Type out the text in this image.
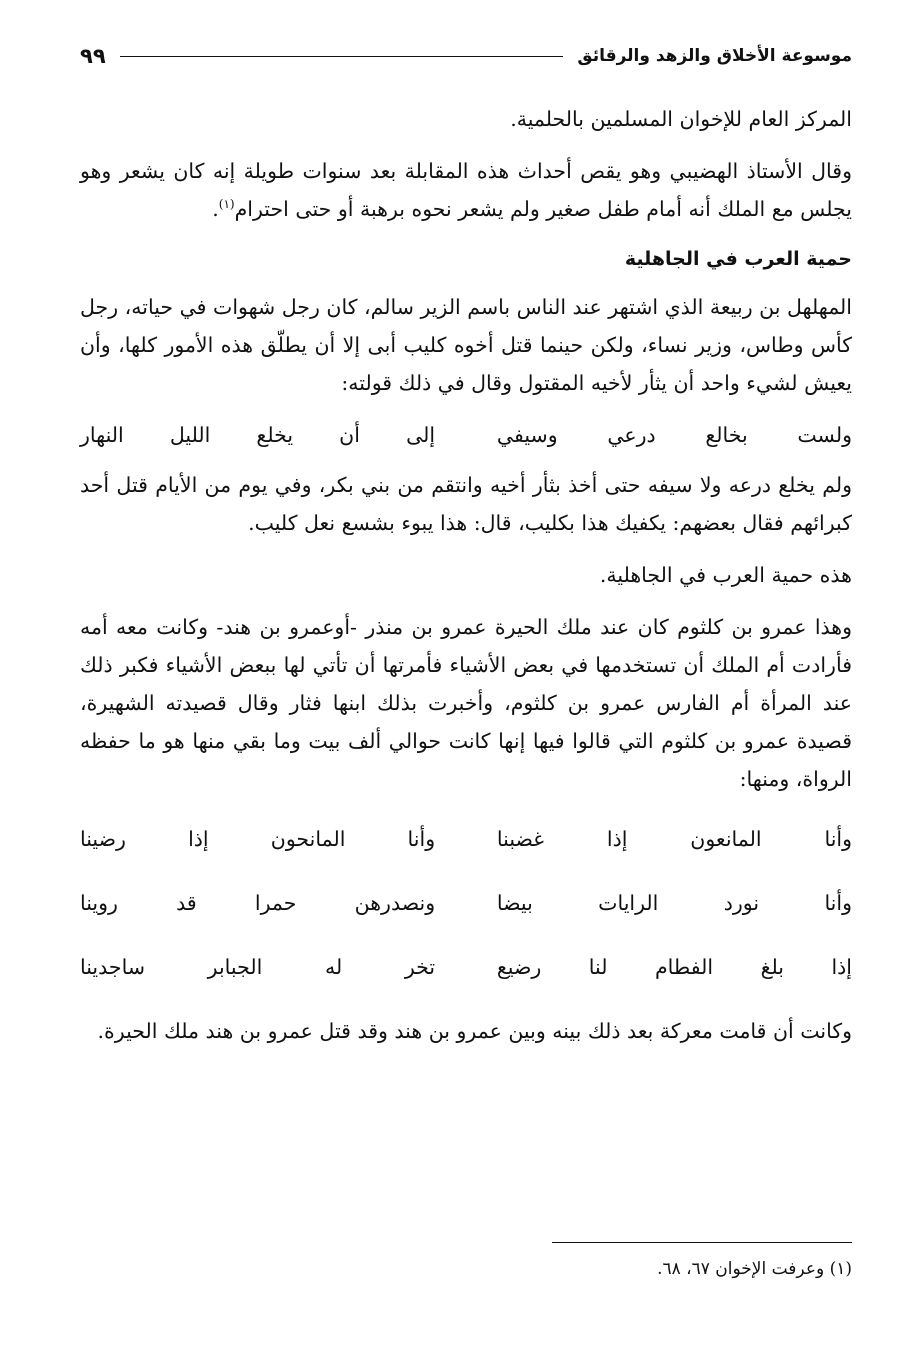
موسوعة الأخلاق والزهد والرقائق
٩٩

المركز العام للإخوان المسلمين بالحلمية.

وقال الأستاذ الهضيبي وهو يقص أحداث هذه المقابلة بعد سنوات طويلة إنه كان يشعر وهو يجلس مع الملك أنه أمام طفل صغير ولم يشعر نحوه برهبة أو حتى احترام$^{(١)}$.

حمية العرب في الجاهلية

المهلهل بن ربيعة الذي اشتهر عند الناس باسم الزير سالم، كان رجل شهوات في حياته، رجل كأس وطاس، وزير نساء، ولكن حينما قتل أخوه كليب أبى إلا أن يطلّق هذه الأمور كلها، وأن يعيش لشيء واحد أن يثأر لأخيه المقتول وقال في ذلك قولته:

ولست بخالع درعي وسيفي
إلى أن يخلع الليل النهار

ولم يخلع درعه ولا سيفه حتى أخذ بثأر أخيه وانتقم من بني بكر، وفي يوم من الأيام قتل أحد كبرائهم فقال بعضهم: يكفيك هذا بكليب، قال: هذا يبوء بشسع نعل كليب.

هذه حمية العرب في الجاهلية.

وهذا عمرو بن كلثوم كان عند ملك الحيرة عمرو بن منذر -أوعمرو بن هند- وكانت معه أمه فأرادت أم الملك أن تستخدمها في بعض الأشياء فأمرتها أن تأتي لها ببعض الأشياء فكبر ذلك عند المرأة أم الفارس عمرو بن كلثوم، وأخبرت بذلك ابنها فثار وقال قصيدته الشهيرة، قصيدة عمرو بن كلثوم التي قالوا فيها إنها كانت حوالي ألف بيت وما بقي منها هو ما حفظه الرواة، ومنها:

وأنا المانعون إذا غضبنا
وأنا المانحون إذا رضينا
وأنا نورد الرايات بيضا
ونصدرهن حمرا قد روينا
إذا بلغ الفطام لنا رضيع
تخر له الجبابر ساجدينا

وكانت أن قامت معركة بعد ذلك بينه وبين عمرو بن هند وقد قتل عمرو بن هند ملك الحيرة.

(١) وعرفت الإخوان ٦٧، ٦٨.
